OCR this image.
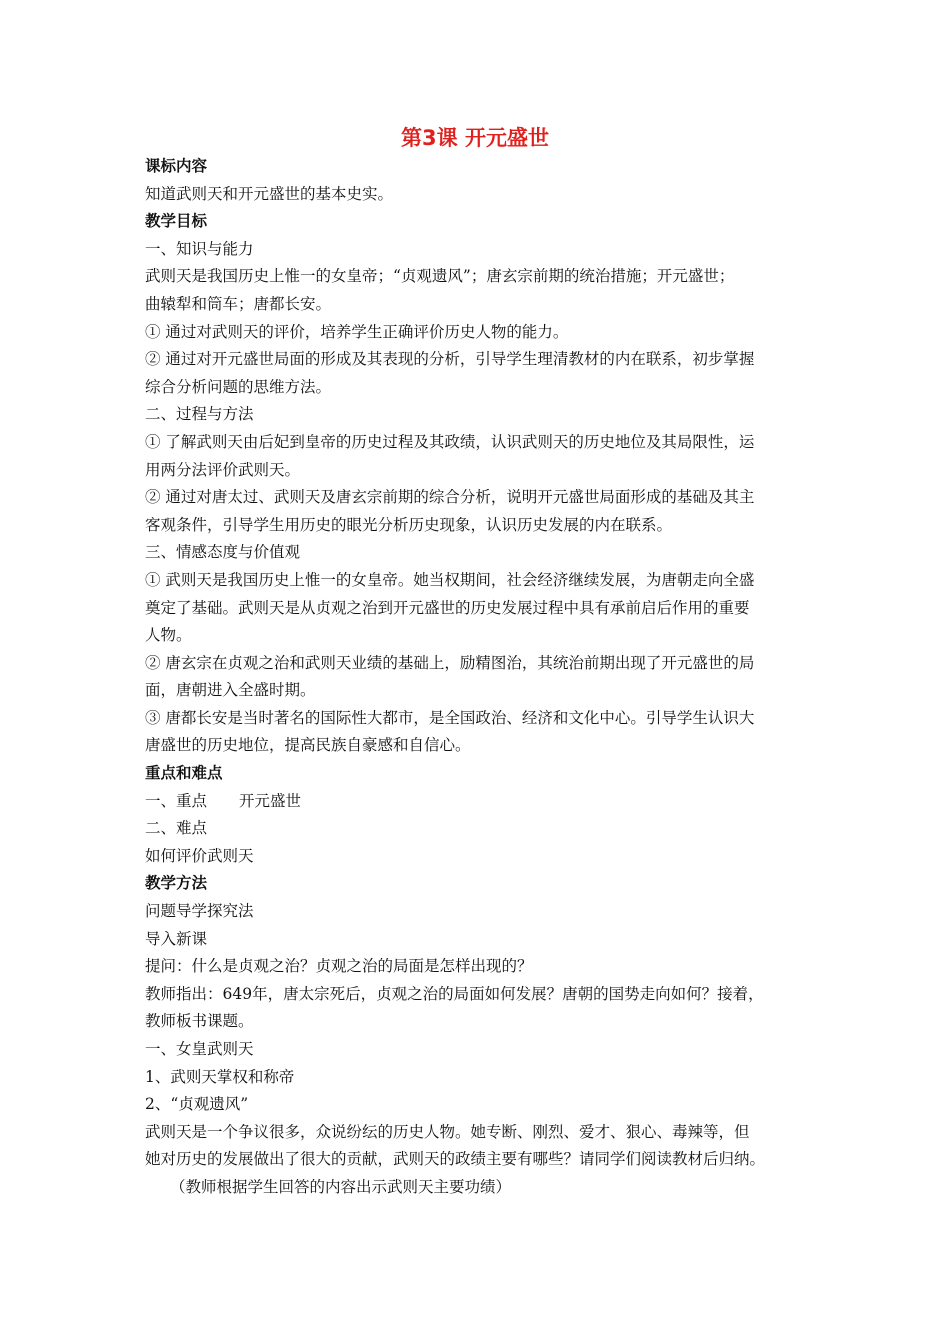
第3课 开元盛世
课标内容
知道武则天和开元盛世的基本史实。
教学目标
一、知识与能力
武则天是我国历史上惟一的女皇帝；“贞观遗风”；唐玄宗前期的统治措施；开元盛世；
曲辕犁和筒车；唐都长安。
① 通过对武则天的评价，培养学生正确评价历史人物的能力。
② 通过对开元盛世局面的形成及其表现的分析，引导学生理清教材的内在联系，初步掌握
综合分析问题的思维方法。
二、过程与方法
① 了解武则天由后妃到皇帝的历史过程及其政绩，认识武则天的历史地位及其局限性，运
用两分法评价武则天。
② 通过对唐太过、武则天及唐玄宗前期的综合分析，说明开元盛世局面形成的基础及其主
客观条件，引导学生用历史的眼光分析历史现象，认识历史发展的内在联系。
三、情感态度与价值观
① 武则天是我国历史上惟一的女皇帝。她当权期间，社会经济继续发展，为唐朝走向全盛
奠定了基础。武则天是从贞观之治到开元盛世的历史发展过程中具有承前启后作用的重要
人物。
② 唐玄宗在贞观之治和武则天业绩的基础上，励精图治，其统治前期出现了开元盛世的局
面，唐朝进入全盛时期。
③ 唐都长安是当时著名的国际性大都市，是全国政治、经济和文化中心。引导学生认识大
唐盛世的历史地位，提高民族自豪感和自信心。
重点和难点
一、重点 开元盛世
二、难点
如何评价武则天
教学方法
问题导学探究法
导入新课
提问：什么是贞观之治？贞观之治的局面是怎样出现的？
教师指出：649年，唐太宗死后，贞观之治的局面如何发展？唐朝的国势走向如何？接着，
教师板书课题。
一、女皇武则天
1、武则天掌权和称帝
2、“贞观遗风”
武则天是一个争议很多，众说纷纭的历史人物。她专断、刚烈、爱才、狠心、毒辣等，但
她对历史的发展做出了很大的贡献，武则天的政绩主要有哪些？请同学们阅读教材后归纳。
（教师根据学生回答的内容出示武则天主要功绩）
